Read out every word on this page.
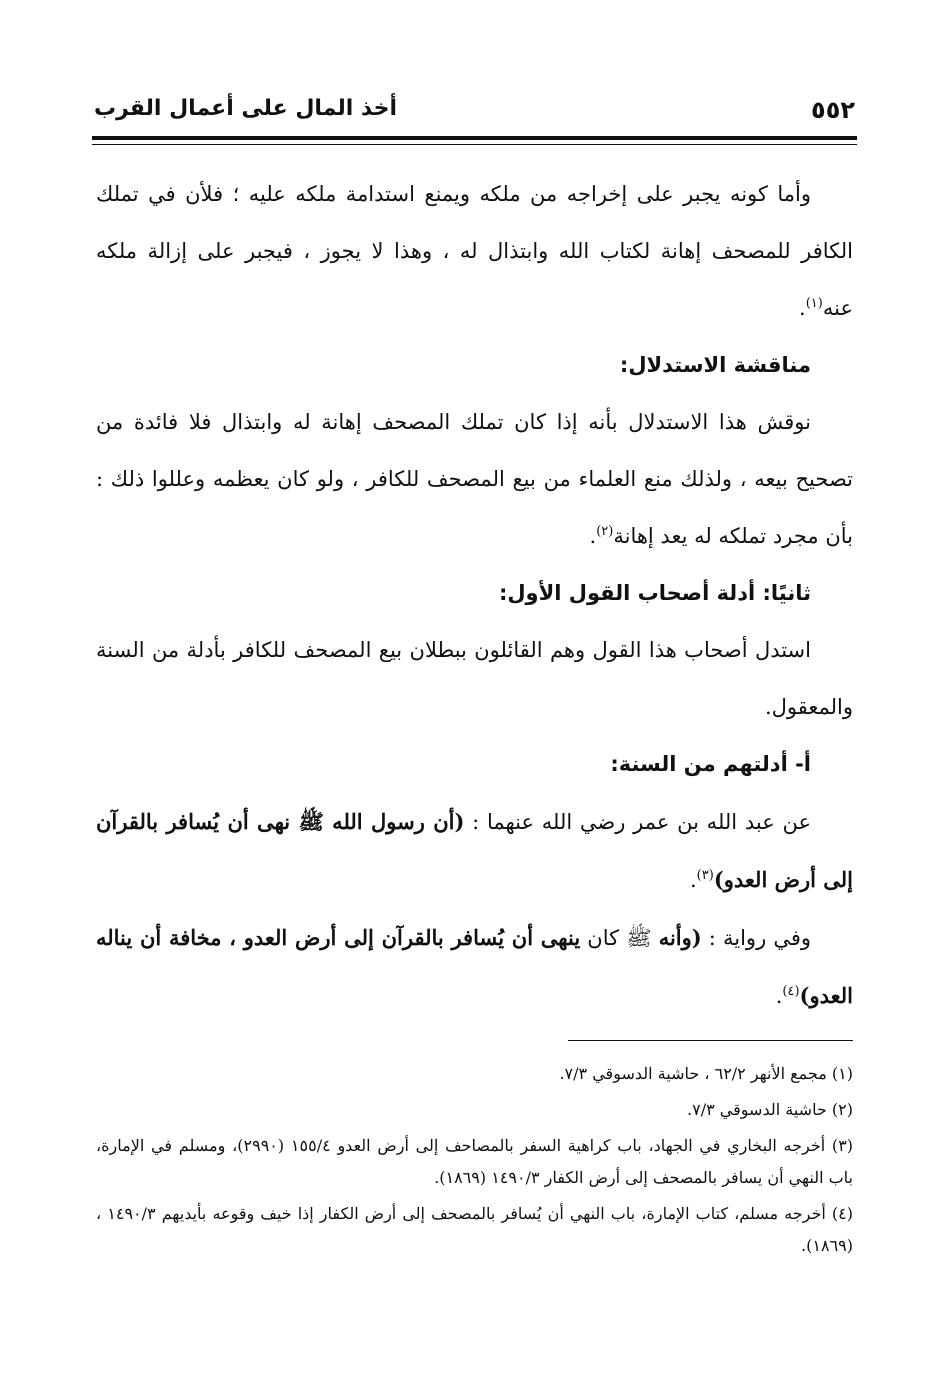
٥٥٢
أخذ المال على أعمال القرب

وأما كونه يجبر على إخراجه من ملكه ويمنع استدامة ملكه عليه ؛ فلأن في تملك الكافر للمصحف إهانة لكتاب الله وابتذال له ، وهذا لا يجوز ، فيجبر على إزالة ملكه عنه$^{(١)}$.

مناقشة الاستدلال:

نوقش هذا الاستدلال بأنه إذا كان تملك المصحف إهانة له وابتذال فلا فائدة من تصحيح بيعه ، ولذلك منع العلماء من بيع المصحف للكافر ، ولو كان يعظمه وعللوا ذلك : بأن مجرد تملكه له يعد إهانة$^{(٢)}$.

ثانيًا: أدلة أصحاب القول الأول:

استدل أصحاب هذا القول وهم القائلون ببطلان بيع المصحف للكافر بأدلة من السنة والمعقول.

أ- أدلتهم من السنة:

عن عبد الله بن عمر رضي الله عنهما : (أن رسول الله ﷺ نهى أن يُسافر بالقرآن إلى أرض العدو)$^{(٣)}$.

وفي رواية : (وأنه ﷺ كان ينهى أن يُسافر بالقرآن إلى أرض العدو ، مخافة أن يناله العدو)$^{(٤)}$.

(١) مجمع الأنهر ٦٢/٢ ، حاشية الدسوقي ٧/٣.

(٢) حاشية الدسوقي ٧/٣.

(٣) أخرجه البخاري في الجهاد، باب كراهية السفر بالمصاحف إلى أرض العدو ١٥٥/٤ (٢٩٩٠)، ومسلم في الإمارة، باب النهي أن يسافر بالمصحف إلى أرض الكفار ١٤٩٠/٣ (١٨٦٩).

(٤) أخرجه مسلم، كتاب الإمارة، باب النهي أن يُسافر بالمصحف إلى أرض الكفار إذا خيف وقوعه بأيديهم ١٤٩٠/٣ ، (١٨٦٩).
